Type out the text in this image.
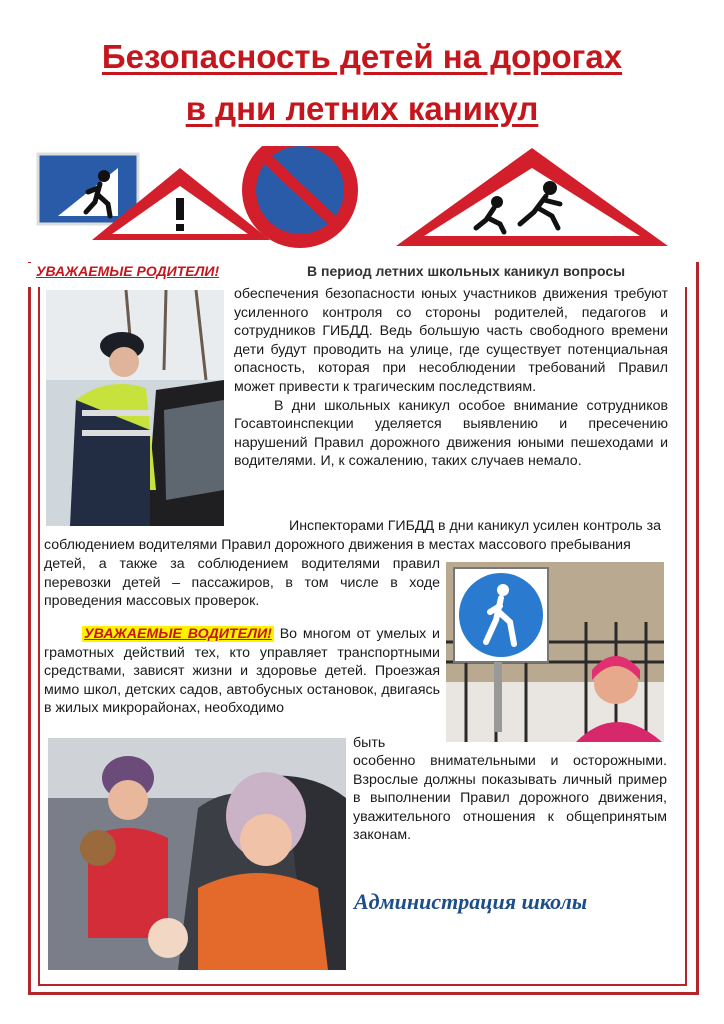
Безопасность детей на дорогах
в дни летних каникул
УВАЖАЕМЫЕ РОДИТЕЛИ!	В период летних школьных каникул вопросы

обеспечения безопасности юных участников движения требуют усиленного контроля со стороны родителей, педагогов и сотрудников ГИБДД. Ведь большую часть свободного времени дети будут проводить на улице, где существует потенциальная опасность, которая при несоблюдении требований Правил может привести к трагическим последствиям.

В дни школьных каникул особое внимание сотрудников Госавтоинспекции уделяется выявлению и пресечению нарушений Правил дорожного движения юными пешеходами и водителями. И, к сожалению, таких случаев немало.

Инспекторами ГИБДД в дни каникул усилен контроль за

соблюдением водителями Правил дорожного движения в местах массового пребывания

детей, а также за соблюдением водителями правил перевозки детей – пассажиров, в том числе в ходе проведения массовых проверок.

УВАЖАЕМЫЕ ВОДИТЕЛИ! Во многом от умелых и грамотных действий тех, кто управляет транспортными средствами, зависят жизни и здоровье детей. Проезжая мимо школ, детских садов, автобусных остановок, двигаясь в жилых микрорайонах, необходимо

быть

особенно внимательными и осторожными. Взрослые должны показывать личный пример в выполнении Правил дорожного движения, уважительного отношения к общепринятым законам.

Администрация школы
